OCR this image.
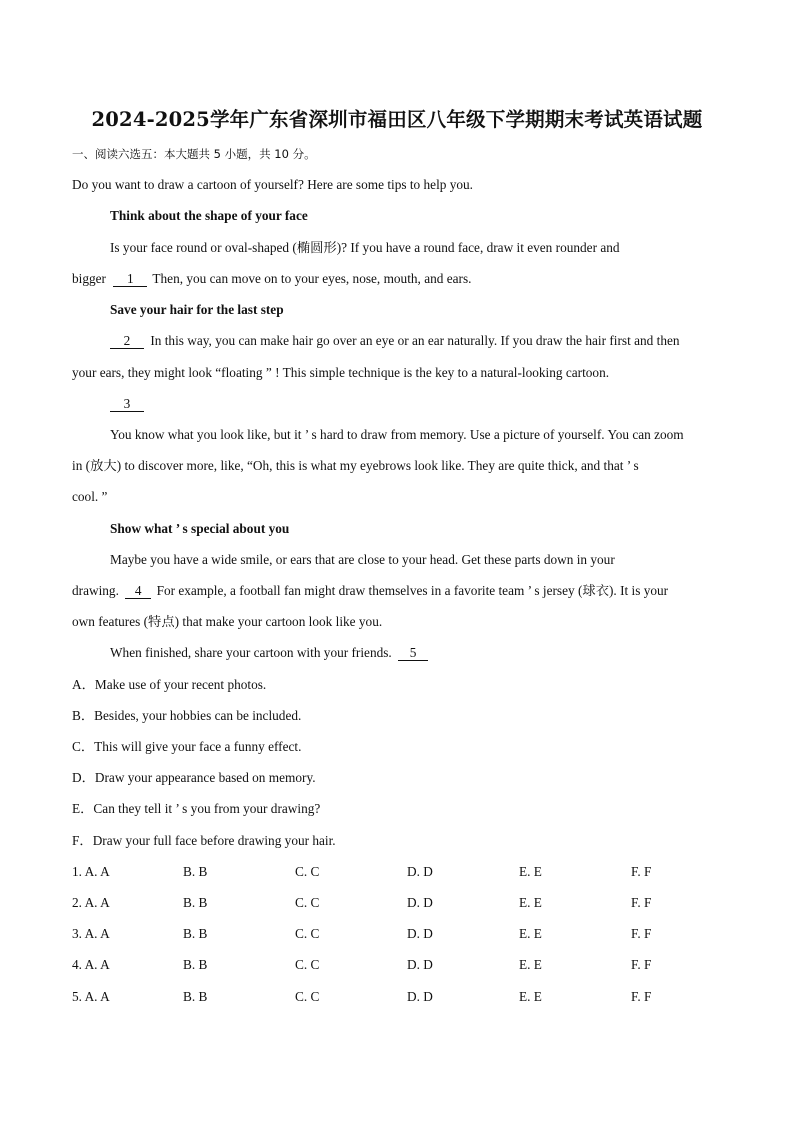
2024-2025学年广东省深圳市福田区八年级下学期期末考试英语试题
一、阅读六选五：本大题共 5 小题，共 10 分。
Do you want to draw a cartoon of yourself? Here are some tips to help you.
Think about the shape of your face
Is your face round or oval-shaped (椭圆形)? If you have a round face, draw it even rounder and
bigger 1 Then, you can move on to your eyes, nose, mouth, and ears.
Save your hair for the last step
2 In this way, you can make hair go over an eye or an ear naturally. If you draw the hair first and then
your ears, they might look “floating ” ! This simple technique is the key to a natural-looking cartoon.
3
You know what you look like, but it ’ s hard to draw from memory. Use a picture of yourself. You can zoom
in (放大) to discover more, like, “Oh, this is what my eyebrows look like. They are quite thick, and that ’ s
cool. ”
Show what ’ s special about you
Maybe you have a wide smile, or ears that are close to your head. Get these parts down in your
drawing. 4 For example, a football fan might draw themselves in a favorite team ’ s jersey (球衣). It is your
own features (特点) that make your cartoon look like you.
When finished, share your cartoon with your friends. 5
A．Make use of your recent photos.
B．Besides, your hobbies can be included.
C．This will give your face a funny effect.
D．Draw your appearance based on memory.
E．Can they tell it ’ s you from your drawing?
F．Draw your full face before drawing your hair.
1. A. A	B. B	C. C	D. D	E. E	F. F
2. A. A	B. B	C. C	D. D	E. E	F. F
3. A. A	B. B	C. C	D. D	E. E	F. F
4. A. A	B. B	C. C	D. D	E. E	F. F
5. A. A	B. B	C. C	D. D	E. E	F. F
